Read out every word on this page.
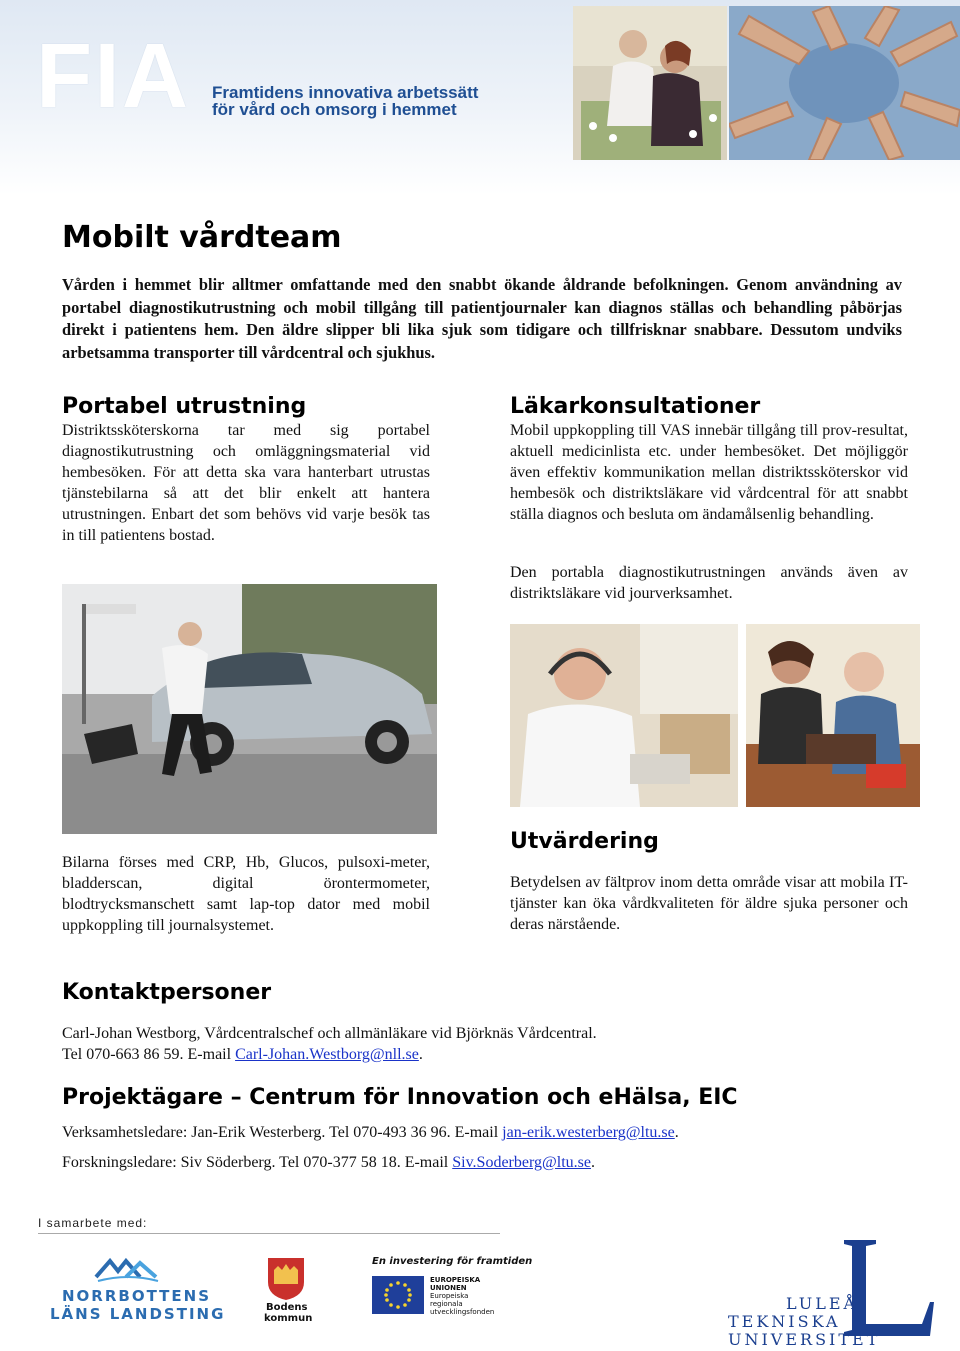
FIA Framtidens innovativa arbetssätt
för vård och omsorg i hemmet
Mobilt vårdteam

Vården i hemmet blir alltmer omfattande med den snabbt ökande åldrande befolkningen. Genom användning av portabel diagnostikutrustning och mobil tillgång till patientjournaler kan diagnos ställas och behandling påbörjas direkt i patientens hem. Den äldre slipper bli lika sjuk som tidigare och tillfrisknar snabbare. Dessutom undviks arbetsamma transporter till vårdcentral och sjukhus.

Portabel utrustning

Distriktssköterskorna tar med sig portabel diagnostikutrustning och omläggningsmaterial vid hembesöken. För att detta ska vara hanterbart utrustas tjänstebilarna så att det blir enkelt att hantera utrustningen. Enbart det som behövs vid varje besök tas in till patientens bostad.

Bilarna förses med CRP, Hb, Glucos, pulsoxi-meter, bladderscan, digital örontermometer, blodtrycksmanschett samt lap-top dator med mobil uppkoppling till journalsystemet.

Läkarkonsultationer

Mobil uppkoppling till VAS innebär tillgång till prov-resultat, aktuell medicinlista etc. under hembesöket. Det möjliggör även effektiv kommunikation mellan distriktssköterskor vid hembesök och distriktsläkare vid vårdcentral för att snabbt ställa diagnos och besluta om ändamålsenlig behandling.

Den portabla diagnostikutrustningen används även av distriktsläkare vid jourverksamhet.

Utvärdering

Betydelsen av fältprov inom detta område visar att mobila IT-tjänster kan öka vårdkvaliteten för äldre sjuka personer och deras närstående.

Kontaktpersoner

Carl-Johan Westborg, Vårdcentralschef och allmänläkare vid Björknäs Vårdcentral.

Tel 070-663 86 59. E-mail Carl-Johan.Westborg@nll.se.

Projektägare – Centrum för Innovation och eHälsa, EIC

Verksamhetsledare: Jan-Erik Westerberg. Tel 070-493 36 96. E-mail jan-erik.westerberg@ltu.se.

Forskningsledare: Siv Söderberg. Tel 070-377 58 18. E-mail Siv.Soderberg@ltu.se.

I samarbete med:
NORRBOTTENS
LÄNS LANDSTING	Bodens
kommun
En investering för framtiden
EUROPEISKA
UNIONEN
Europeiska
regionala
utvecklingsfonden	LULEÅ
TEKNISKA
UNIVERSITET
